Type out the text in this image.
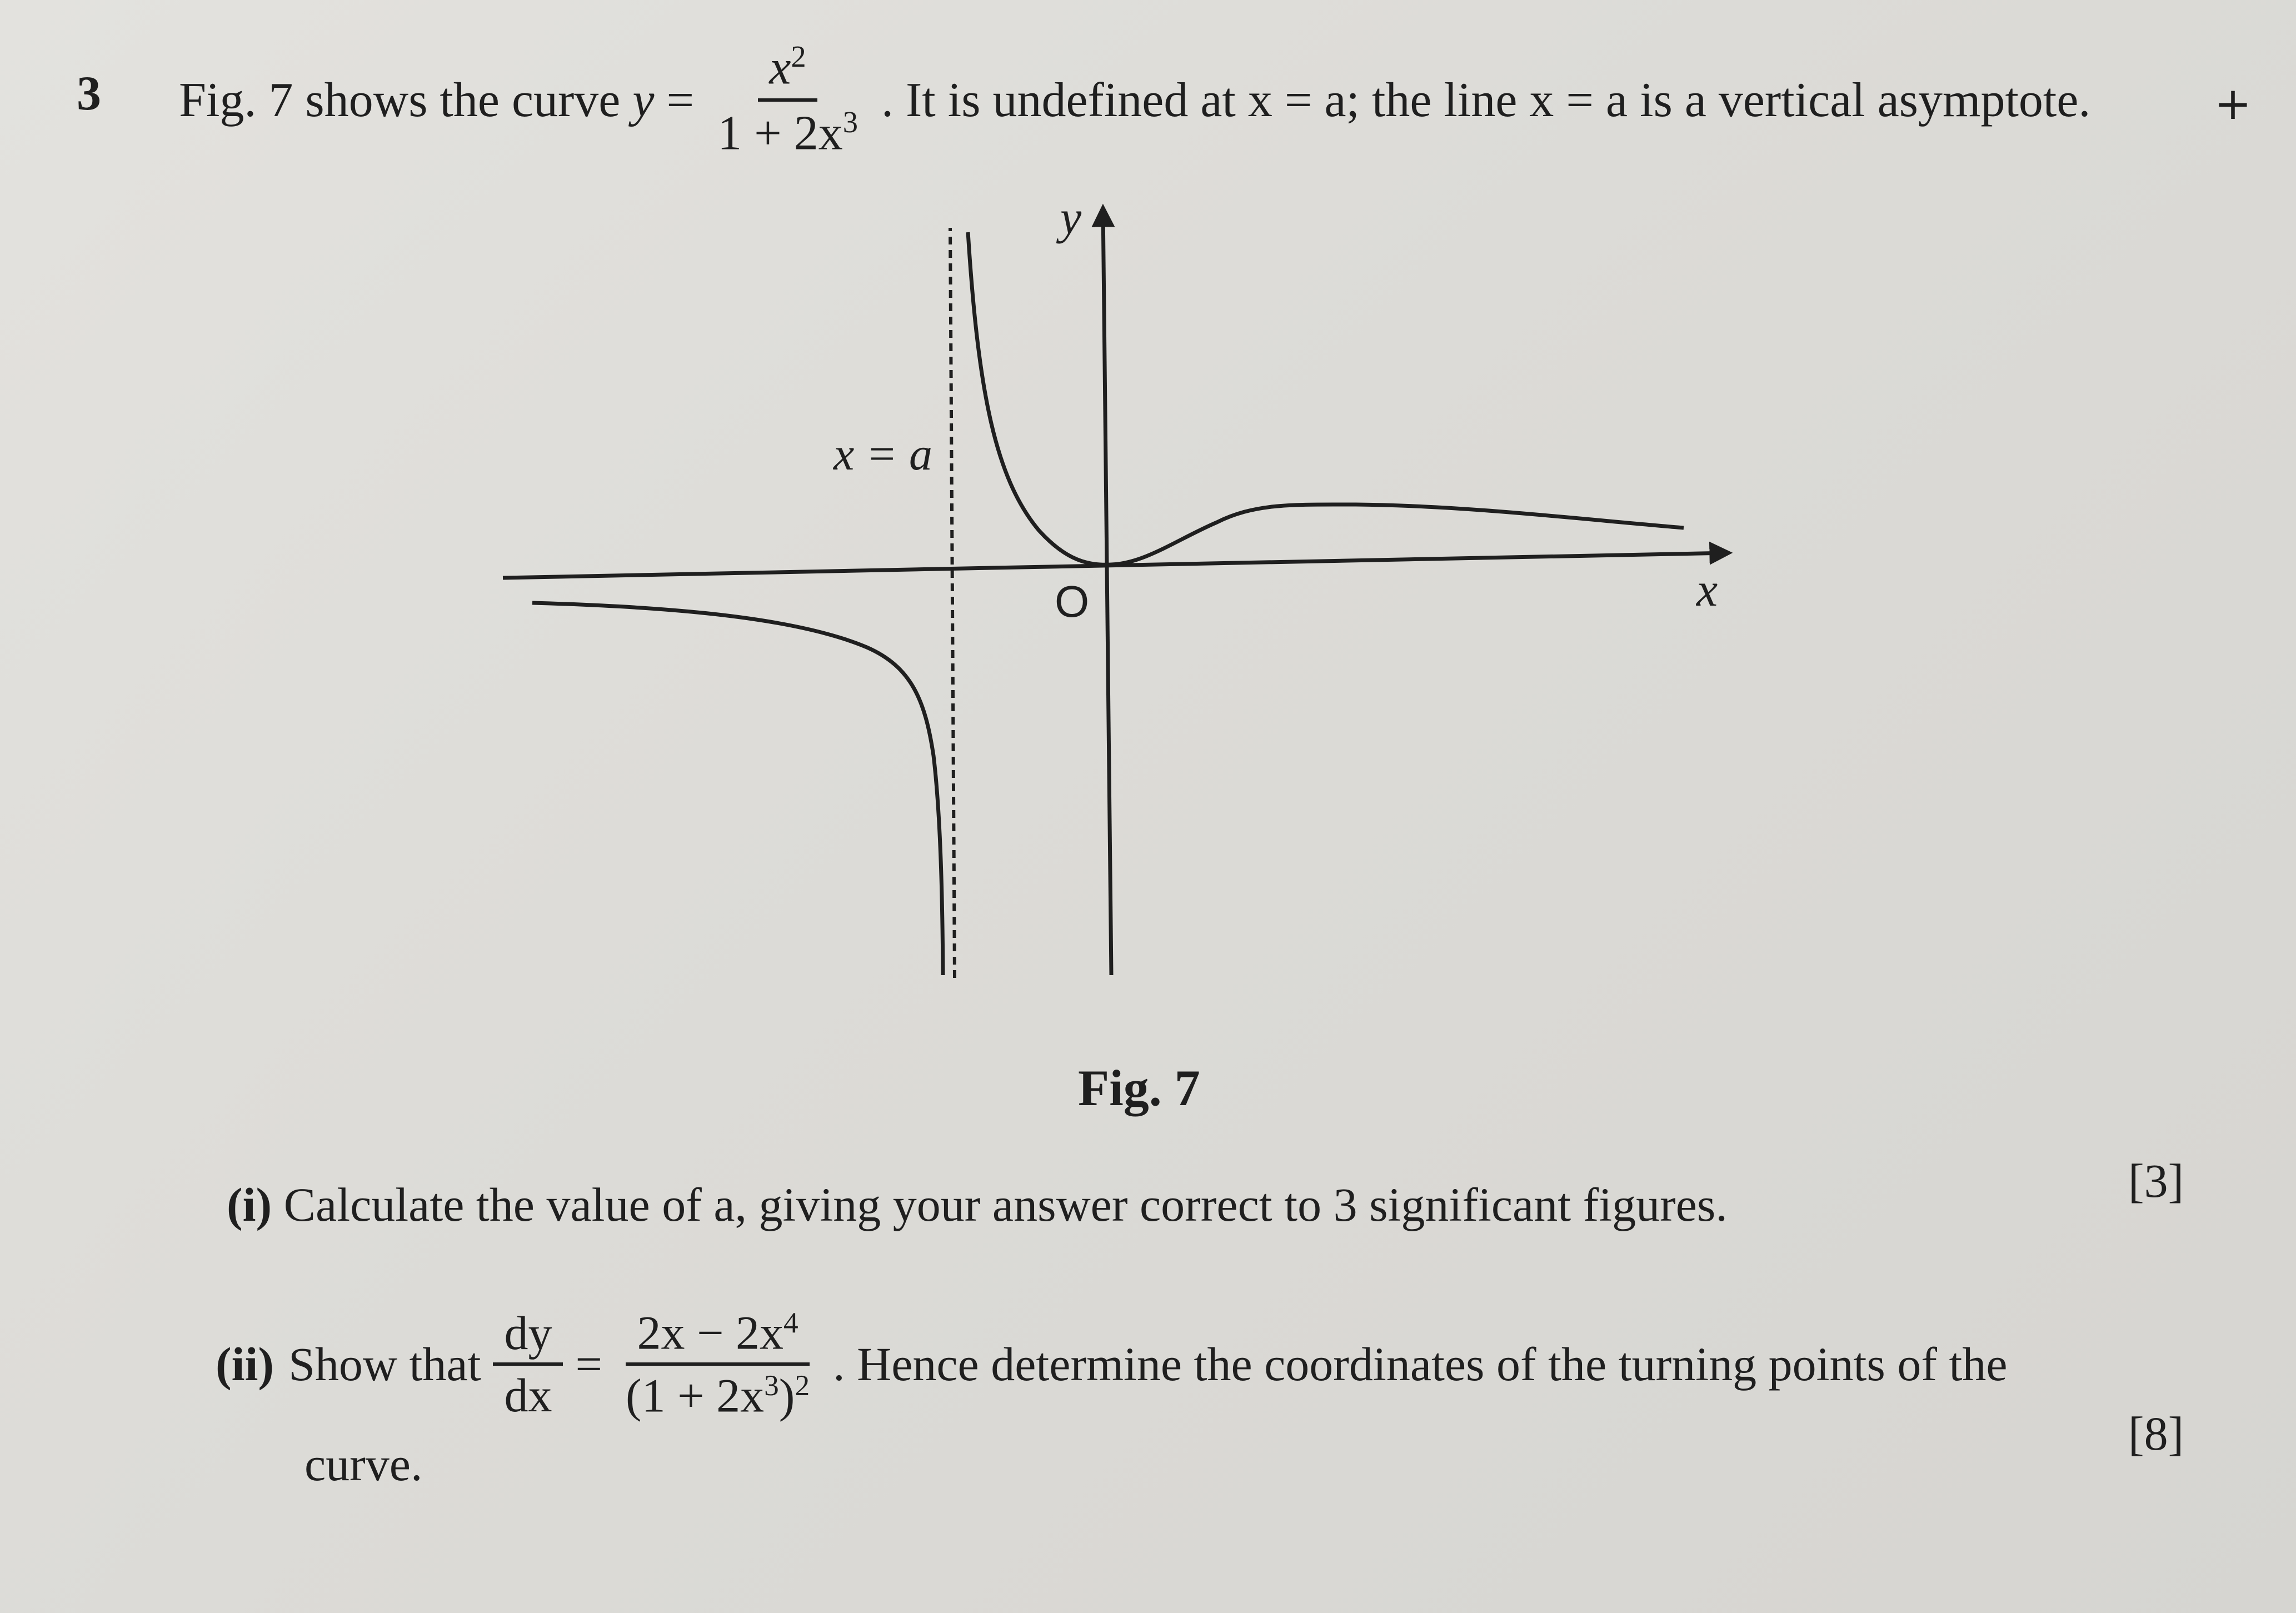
3 Fig. 7 shows the curve
y
= $\frac{x^2}{1 + 2x^3}$ . It is undefined at x = a; the line x = a is a vertical asymptote.	+
y
x
O
x = a
Fig. 7
(i) Calculate the value of a, giving your answer correct to 3 significant figures.	[3]
(ii) Show that $\frac{dy}{dx} = \frac{2x - 2x^4}{(1 + 2x^3)^2}$ . Hence determine the coordinates of the turning points of the
curve.
[8]
